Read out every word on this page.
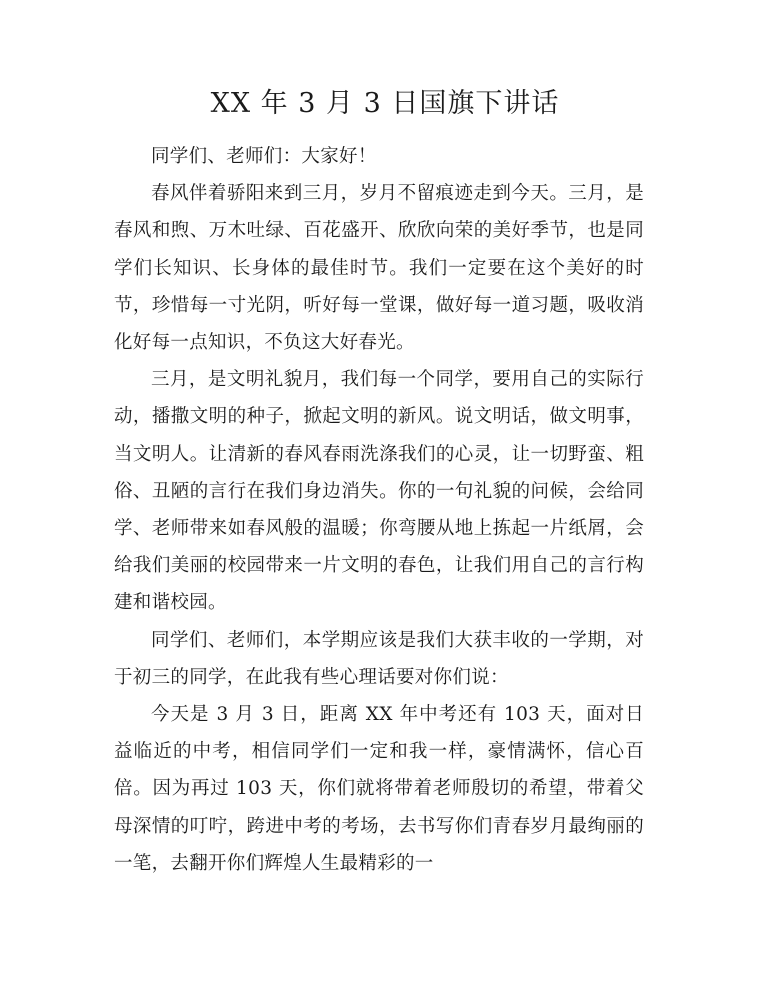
XX 年 3 月 3 日国旗下讲话

同学们、老师们：大家好！

春风伴着骄阳来到三月，岁月不留痕迹走到今天。三月，是春风和煦、万木吐绿、百花盛开、欣欣向荣的美好季节，也是同学们长知识、长身体的最佳时节。我们一定要在这个美好的时节，珍惜每一寸光阴，听好每一堂课，做好每一道习题，吸收消化好每一点知识，不负这大好春光。

三月，是文明礼貌月，我们每一个同学，要用自己的实际行动，播撒文明的种子，掀起文明的新风。说文明话，做文明事，当文明人。让清新的春风春雨洗涤我们的心灵，让一切野蛮、粗俗、丑陋的言行在我们身边消失。你的一句礼貌的问候，会给同学、老师带来如春风般的温暖；你弯腰从地上拣起一片纸屑，会给我们美丽的校园带来一片文明的春色，让我们用自己的言行构建和谐校园。

同学们、老师们，本学期应该是我们大获丰收的一学期，对于初三的同学，在此我有些心理话要对你们说：

今天是 3 月 3 日，距离 XX 年中考还有 103 天，面对日益临近的中考，相信同学们一定和我一样，豪情满怀，信心百倍。因为再过 103 天，你们就将带着老师殷切的希望，带着父母深情的叮咛，跨进中考的考场，去书写你们青春岁月最绚丽的一笔，去翻开你们辉煌人生最精彩的一
